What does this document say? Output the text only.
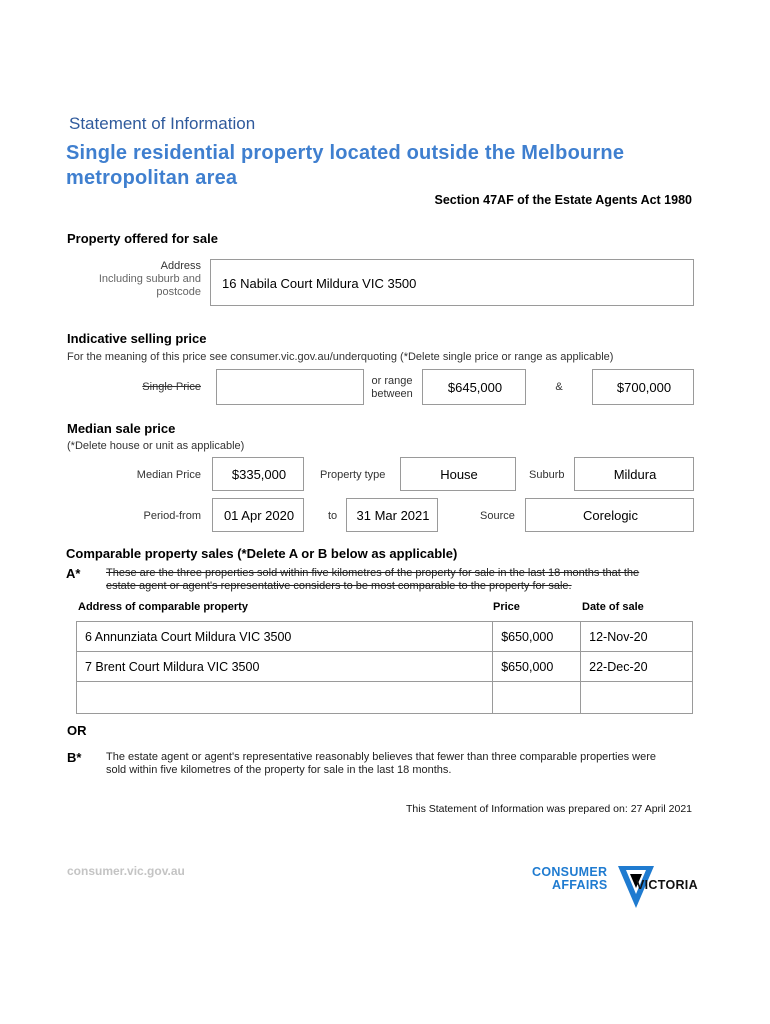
Statement of Information
Single residential property located outside the Melbourne metropolitan area
Section 47AF of the Estate Agents Act 1980
Property offered for sale
Address
Including suburb and
postcode
16 Nabila Court Mildura VIC 3500
Indicative selling price
For the meaning of this price see consumer.vic.gov.au/underquoting (*Delete single price or range as applicable)
Single Price	or range
between	$645,000	&	$700,000
Median sale price
(*Delete house or unit as applicable)
Median Price	$335,000	Property type	House	Suburb	Mildura
Period-from	01 Apr 2020	to	31 Mar 2021	Source	Corelogic
Comparable property sales (*Delete A or B below as applicable)
A* These are the three properties sold within five kilometres of the property for sale in the last 18 months that the
estate agent or agent's representative considers to be most comparable to the property for sale.
Address of comparable property	Price	Date of sale
6 Annunziata Court Mildura VIC 3500	$650,000	12-Nov-20
7 Brent Court Mildura VIC 3500	$650,000	22-Dec-20

OR
B* The estate agent or agent's representative reasonably believes that fewer than three comparable properties were
sold within five kilometres of the property for sale in the last 18 months.
This Statement of Information was prepared on: 27 April 2021
consumer.vic.gov.au	CONSUMER
AFFAIRS VICTORIA
